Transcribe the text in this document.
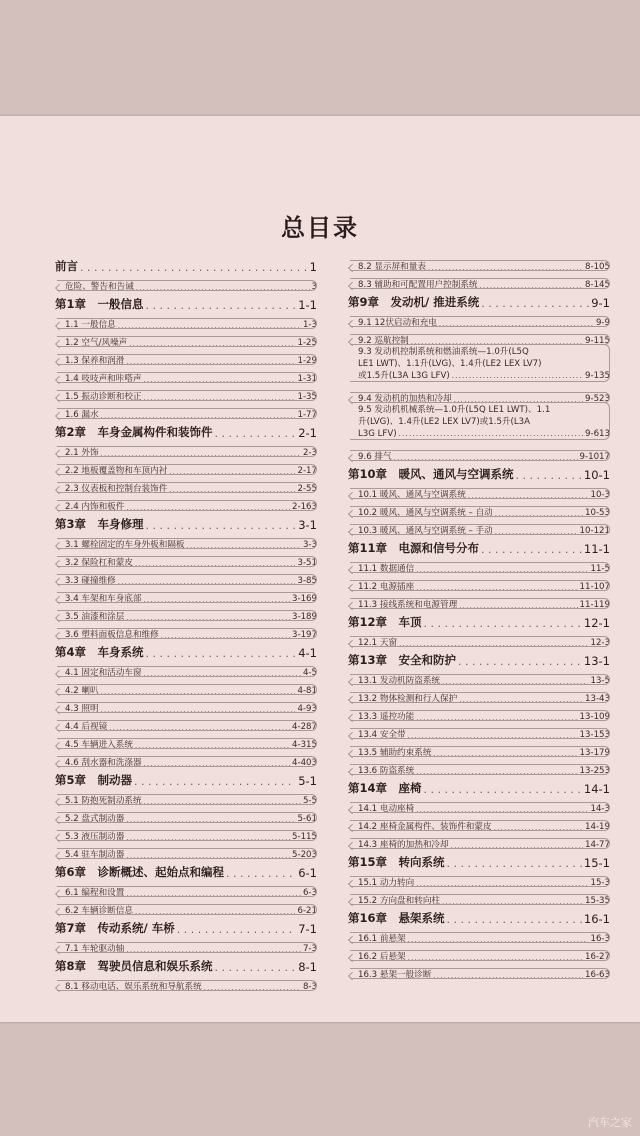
总目录
前言 . . .	1
危险、警告和告诫 . . .	3
第1章　一般信息 . . .	1-1
1.1 一般信息 . . .	1-3
1.2 空气/风噪声 . . .	1-25
1.3 保养和润滑 . . .	1-29
1.4 吱吱声和咔嗒声 . . .	1-31
1.5 振动诊断和校正 . . .	1-35
1.6 漏水 . . .	1-77
第2章　车身金属构件和装饰件 . . .	2-1
2.1 外饰 . . .	2-3
2.2 地板覆盖物和车顶内衬 . . .	2-17
2.3 仪表板和控制台装饰件 . . .	2-55
2.4 内饰和板件 . . .	2-163
第3章　车身修理 . . .	3-1
3.1 螺栓固定的车身外板和隔板 . . .	3-3
3.2 保险杠和蒙皮 . . .	3-51
3.3 碰撞维修 . . .	3-85
3.4 车架和车身底部 . . .	3-169
3.5 油漆和涂层 . . .	3-189
3.6 塑料面板信息和维修 . . .	3-197
第4章　车身系统 . . .	4-1
4.1 固定和活动车窗 . . .	4-5
4.2 喇叭 . . .	4-81
4.3 照明 . . .	4-93
4.4 后视镜 . . .	4-287
4.5 车辆进入系统 . . .	4-315
4.6 刮水器和洗涤器 . . .	4-403
第5章　制动器 . . .	5-1
5.1 防抱死制动系统 . . .	5-5
5.2 盘式制动器 . . .	5-61
5.3 液压制动器 . . .	5-115
5.4 驻车制动器 . . .	5-203
第6章　诊断概述、起始点和编程 . . .	6-1
6.1 编程和设置 . . .	6-3
6.2 车辆诊断信息 . . .	6-21
第7章　传动系统/ 车桥 . . .	7-1
7.1 车轮驱动轴 . . .	7-3
第8章　驾驶员信息和娱乐系统 . . .	8-1
8.1 移动电话、娱乐系统和导航系统 . . .	8-3
8.2 显示屏和量表 . . .	8-105
8.3 辅助和可配置用户控制系统 . . .	8-145
第9章　发动机/ 推进系统 . . .	9-1
9.1 12伏启动和充电 . . .	9-9
9.2 巡航控制 . . .	9-115
9.3 发动机控制系统和燃油系统—1.0升(L5Q
LE1 LWT)、1.1升(LVG)、1.4升(LE2 LEX LV7)
或1.5升(L3A L3G LFV) . . .	9-135
9.4 发动机的加热和冷却 . . .	9-523
9.5 发动机机械系统—1.0升(L5Q LE1 LWT)、1.1
升(LVG)、1.4升(LE2 LEX LV7)或1.5升(L3A
L3G LFV) . . .	9-613
9.6 排气 . . .	9-1017
第10章　暖风、通风与空调系统 . . .	10-1
10.1 暖风、通风与空调系统 . . .	10-3
10.2 暖风、通风与空调系统 – 自动 . . .	10-53
10.3 暖风、通风与空调系统 – 手动 . . .	10-121
第11章　电源和信号分布 . . .	11-1
11.1 数据通信 . . .	11-5
11.2 电源插座 . . .	11-107
11.3 接线系统和电源管理 . . .	11-119
第12章　车顶 . . .	12-1
12.1 天窗 . . .	12-3
第13章　安全和防护 . . .	13-1
13.1 发动机防盗系统 . . .	13-5
13.2 物体检测和行人保护 . . .	13-43
13.3 遥控功能 . . .	13-109
13.4 安全带 . . .	13-153
13.5 辅助约束系统 . . .	13-179
13.6 防盗系统 . . .	13-253
第14章　座椅 . . .	14-1
14.1 电动座椅 . . .	14-3
14.2 座椅金属构件、装饰件和蒙皮 . . .	14-19
14.3 座椅的加热和冷却 . . .	14-77
第15章　转向系统 . . .	15-1
15.1 动力转向 . . .	15-3
15.2 方向盘和转向柱 . . .	15-35
第16章　悬架系统 . . .	16-1
16.1 前悬架 . . .	16-3
16.2 后悬架 . . .	16-27
16.3 悬架一般诊断 . . .	16-63
汽车之家
